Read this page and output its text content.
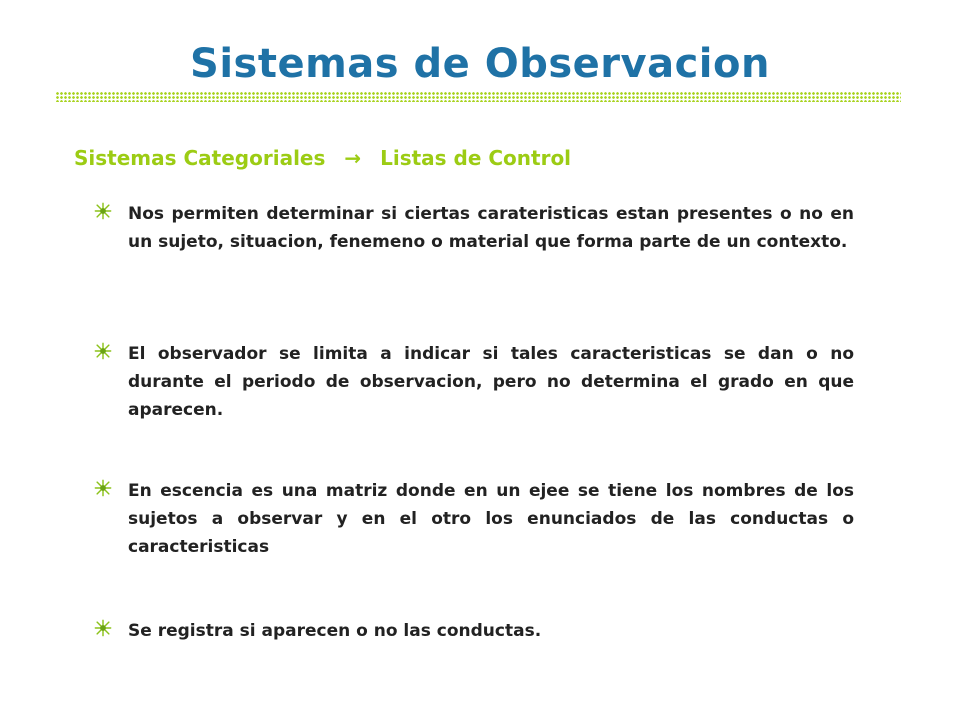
Sistemas de Observacion
Sistemas Categoriales → Listas de Control

Nos permiten determinar si ciertas carateristicas estan presentes o no en un sujeto, situacion, fenemeno o material que forma parte de un contexto.

El observador se limita a indicar si tales caracteristicas se dan o no durante el periodo de observacion, pero no determina el grado en que aparecen.

En escencia es una matriz donde en un ejee se tiene los nombres de los sujetos a observar y en el otro los enunciados de las conductas o caracteristicas

Se registra si aparecen o no las conductas.
